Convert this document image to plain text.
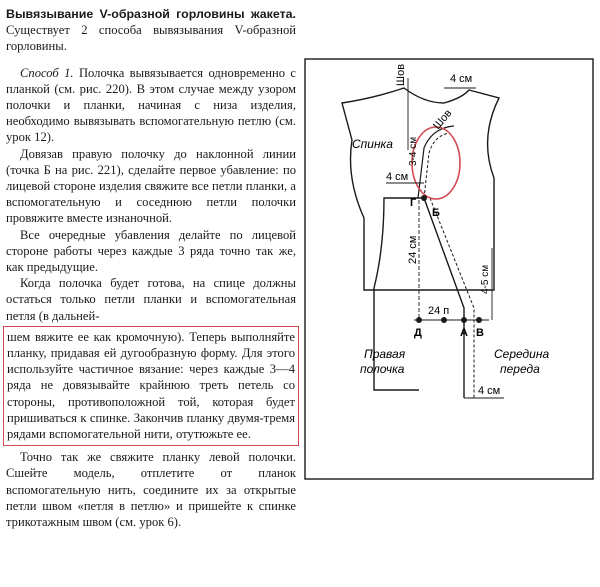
Вывязывание V-образной горловины жакета. Существует 2 способа вывязывания V-образной горловины.

Способ 1. Полочка вывязывается одновременно с планкой (см. рис. 220). В этом случае между узором полочки и планки, начиная с низа изделия, необходимо вывязывать вспомогательную петлю (см. урок 12).

Довязав правую полочку до наклонной линии (точка Б на рис. 221), сделайте первое убавление: по лицевой стороне изделия свяжите все петли планки, а вспомогательную и соседнюю петли полочки провяжите вместе изнаночной.

Все очередные убавления делайте по лицевой стороне работы через каждые 3 ряда точно так же, как предыдущие.

Когда полочка будет готова, на спице должны остаться только петли планки и вспомогательная петля (в дальней-

шем вяжите ее как кромочную). Теперь выполняйте планку, придавая ей дугообразную форму. Для этого используйте частичное вязание: через каждые 3—4 ряда не довязывайте крайнюю треть петель со стороны, противоположной той, которая будет пришиваться к спинке. Закончив планку двумя-тремя рядами вспомогательной нити, отутюжьте ее.

Точно так же свяжите планку левой полочки. Сшейте модель, отплетите от планок вспомогательную нить, соедините их за открытые петли швом «петля в петлю» и пришейте к спинке трикотажным швом (см. урок 6).

Шов	4 см
Шов
Спинка 3-4 см
4 см
Г
Б
24 см
4-5 см
24 п
Д	А В
Правая
полочка
Середина
переда
4 см
